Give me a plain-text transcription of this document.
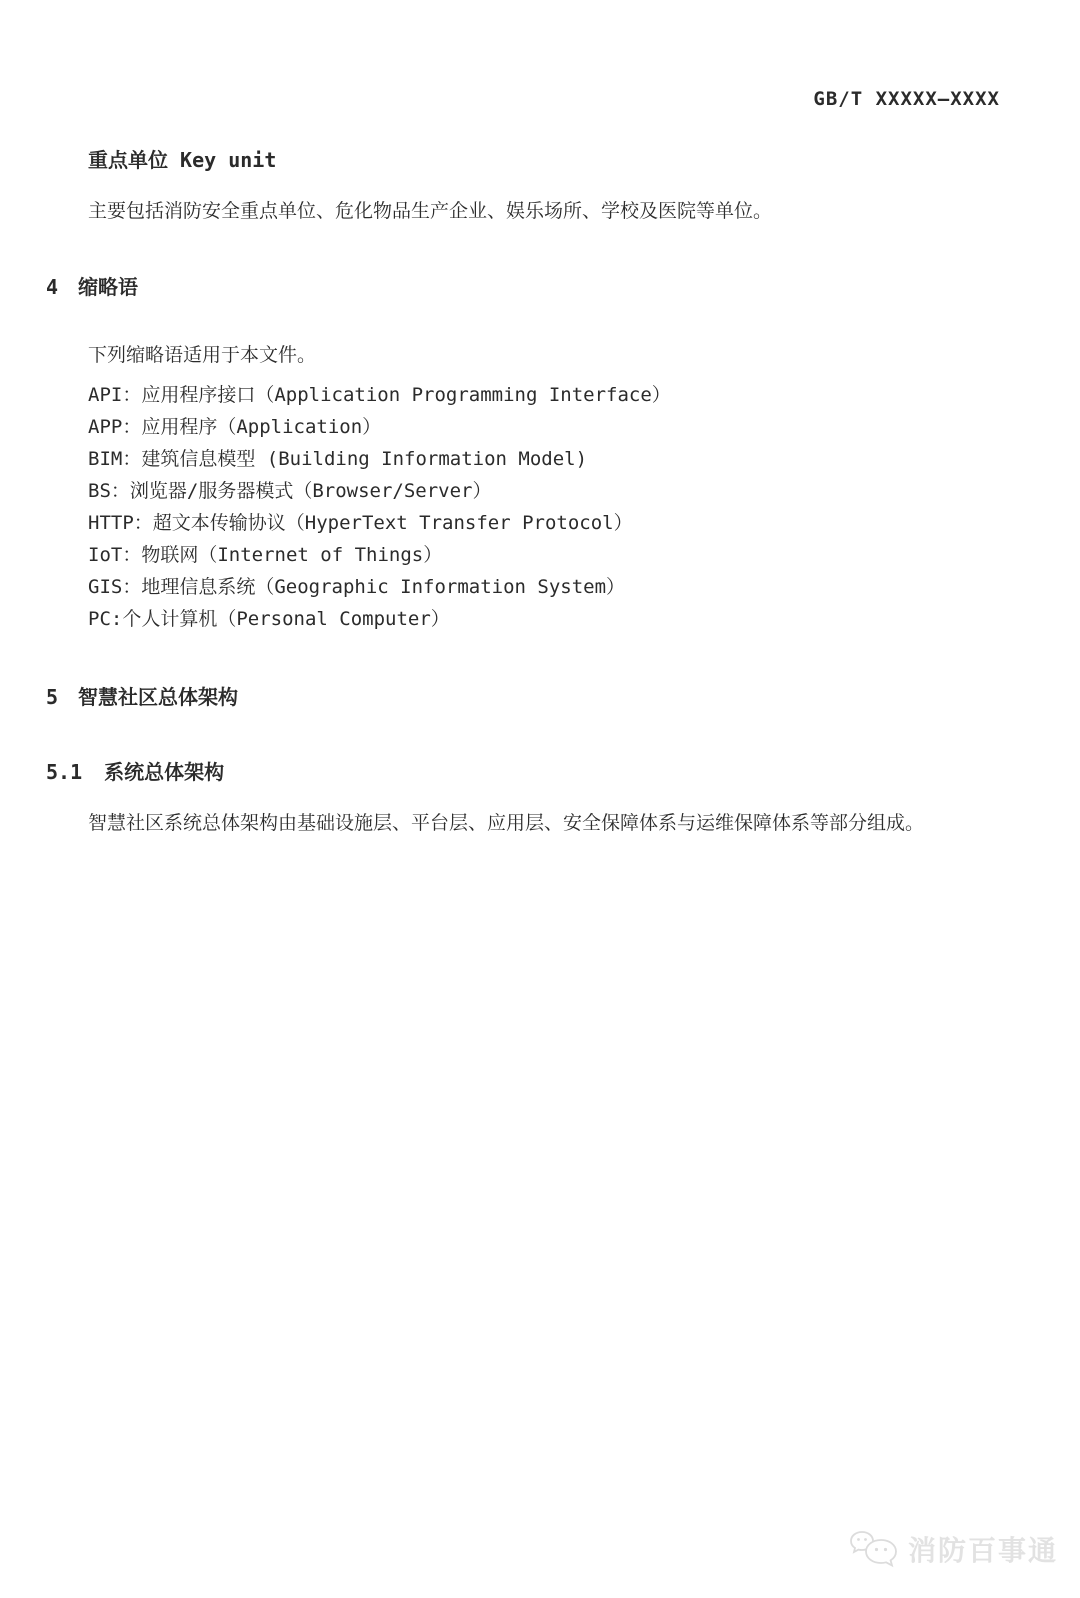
GB/T XXXXX—XXXX
重点单位 Key unit

主要包括消防安全重点单位、危化物品生产企业、娱乐场所、学校及医院等单位。

4 缩略语
下列缩略语适用于本文件。
API：应用程序接口（Application Programming Interface）
APP：应用程序（Application）
BIM：建筑信息模型 (Building Information Model)
BS：浏览器/服务器模式（Browser/Server）
HTTP：超文本传输协议（HyperText Transfer Protocol）
IoT：物联网（Internet of Things）
GIS：地理信息系统（Geographic Information System）
PC:个人计算机（Personal Computer）
5 智慧社区总体架构
5.1 系统总体架构

智慧社区系统总体架构由基础设施层、平台层、应用层、安全保障体系与运维保障体系等部分组成。

消防百事通
